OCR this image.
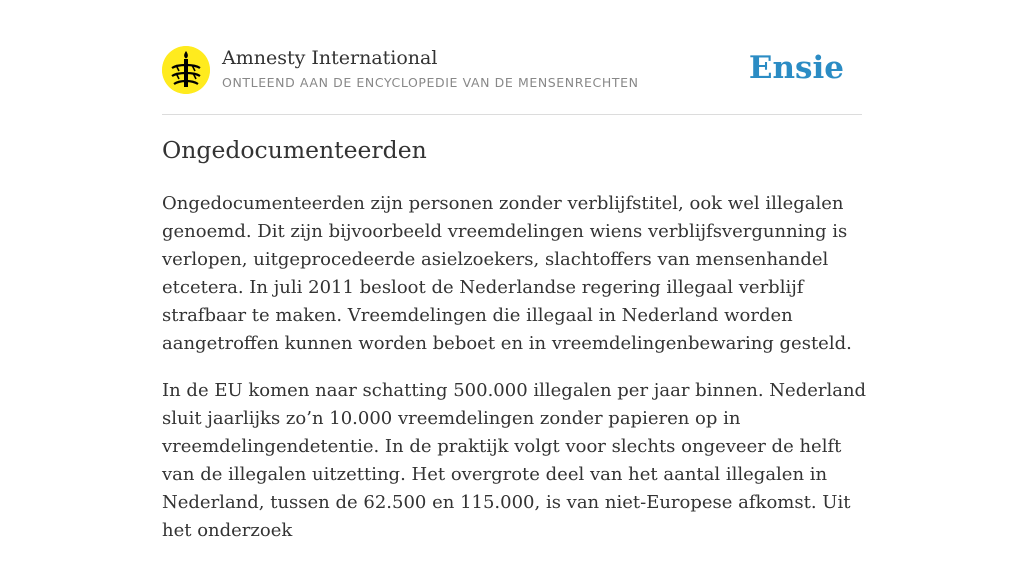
Amnesty International
ONTLEEND AAN DE ENCYCLOPEDIE VAN DE MENSENRECHTEN	Ensie
Ongedocumenteerden

Ongedocumenteerden zijn personen zonder verblijfstitel, ook wel illegalen genoemd. Dit zijn bijvoorbeeld vreemdelingen wiens verblijfsvergunning is verlopen, uitgeprocedeerde asielzoekers, slachtoffers van mensenhandel etcetera. In juli 2011 besloot de Nederlandse regering illegaal verblijf strafbaar te maken. Vreemdelingen die illegaal in Nederland worden aangetroffen kunnen worden beboet en in vreemdelingenbewaring gesteld.

In de EU komen naar schatting 500.000 illegalen per jaar binnen. Nederland sluit jaarlijks zo’n 10.000 vreemdelingen zonder papieren op in vreemdelingendetentie. In de praktijk volgt voor slechts ongeveer de helft van de illegalen uitzetting. Het overgrote deel van het aantal illegalen in Nederland, tussen de 62.500 en 115.000, is van niet-Europese afkomst. Uit het onderzoek
